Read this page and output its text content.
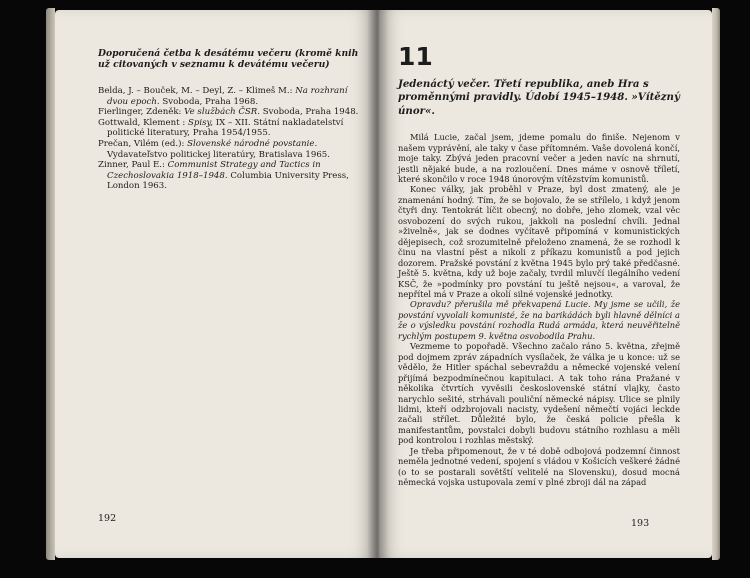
Doporučená četba k desátému večeru (kromě knih už citovaných v seznamu k devátému večeru)

Belda, J. – Bouček, M. – Deyl, Z. – Klimeš M.: Na rozhraní dvou epoch. Svoboda, Praha 1968.

Fierlinger, Zdeněk: Ve službách ČSR. Svoboda, Praha 1948.

Gottwald, Klement : Spisy, IX – XII. Státní nakladatelství politické literatury, Praha 1954/1955.

Prečan, Vilém (ed.): Slovenské národné povstanie. Vydavateľstvo politickej literatúry, Bratislava 1965.

Zinner, Paul E.: Communist Strategy and Tactics in Czechoslovakia 1918–1948. Columbia University Press, London 1963.

192
11
Jedenáctý večer. Třetí republika, aneb Hra s proměnnými pravidly. Údobí 1945–1948. »Vítězný únor«.

Milá Lucie, začal jsem, jdeme pomalu do finiše. Nejenom v našem vyprávění, ale taky v čase přítomném. Vaše dovolená končí, moje taky. Zbývá jeden pracovní večer a jeden navíc na shrnutí, jestli nějaké bude, a na rozloučení. Dnes máme v osnově tříletí, které skončilo v roce 1948 únorovým vítězstvím komunistů.

Konec války, jak proběhl v Praze, byl dost zmatený, ale je znamenání hodný. Tím, že se bojovalo, že se střílelo, i když jenom čtyři dny. Tentokrát líčit obecný, no dobře, jeho zlomek, vzal věc osvobození do svých rukou, jakkoli na poslední chvíli. Jednal »živelně«, jak se dodnes vyčítavě připomíná v komunistických dějepisech, což srozumitelně přeloženo znamená, že se rozhodl k činu na vlastní pěst a nikoli z příkazu komunistů a pod jejich dozorem. Pražské povstání z května 1945 bylo prý také předčasné. Ještě 5. května, kdy už boje začaly, tvrdil mluvčí ilegálního vedení KSČ, že »podmínky pro povstání tu ještě nejsou«, a varoval, že nepřítel má v Praze a okolí silné vojenské jednotky.

Opravdu? přerušila mě překvapená Lucie. My jsme se učili, že povstání vyvolali komunisté, že na barikádách byli hlavně dělníci a že o výsledku povstání rozhodla Rudá armáda, která neuvěřitelně rychlým postupem 9. května osvobodila Prahu.

Vezmeme to popořadě. Všechno začalo ráno 5. května, zřejmě pod dojmem zpráv západních vysílaček, že válka je u konce: už se vědělo, že Hitler spáchal sebevraždu a německé vojenské velení přijímá bezpodmínečnou kapitulaci. A tak toho rána Pražané v několika čtvrtích vyvěsili československé státní vlajky, často narychlo sešité, strhávali pouliční německé nápisy. Ulice se plnily lidmi, kteří odzbrojovali nacisty, vydešení němečtí vojáci leckde začali střílet. Důležité bylo, že česká policie přešla k manifestantům, povstalci dobyli budovu státního rozhlasu a měli pod kontrolou i rozhlas městský.

Je třeba připomenout, že v té době odbojová podzemní činnost neměla jednotné vedení, spojení s vládou v Košicích veškeré žádné (o to se postarali sovětští velitelé na Slovensku), dosud mocná německá vojska ustupovala zemí v plné zbroji dál na západ

193
